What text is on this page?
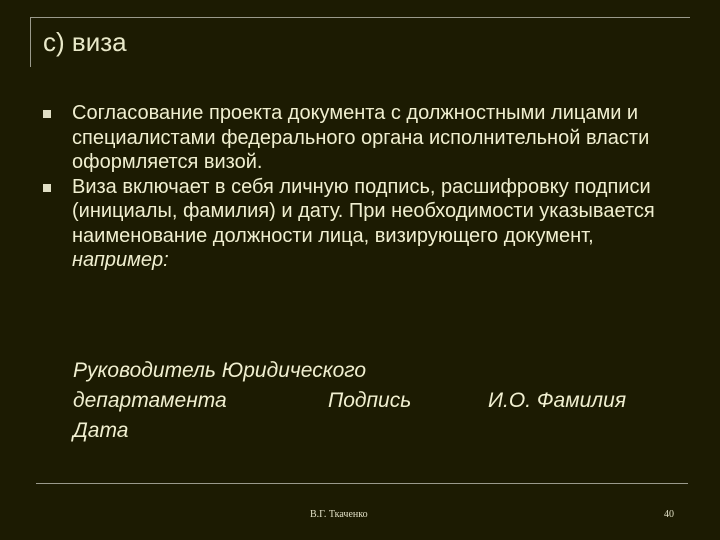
с) виза
Согласование проекта документа с должностными лицами и специалистами федерального органа исполнительной власти оформляется визой.
Виза включает в себя личную подпись, расшифровку подписи (инициалы, фамилия) и дату. При необходимости указывается наименование должности лица, визирующего документ, например:
Руководитель Юридического
департамента	Подпись	И.О. Фамилия
Дата
В.Г. Ткаченко	40
